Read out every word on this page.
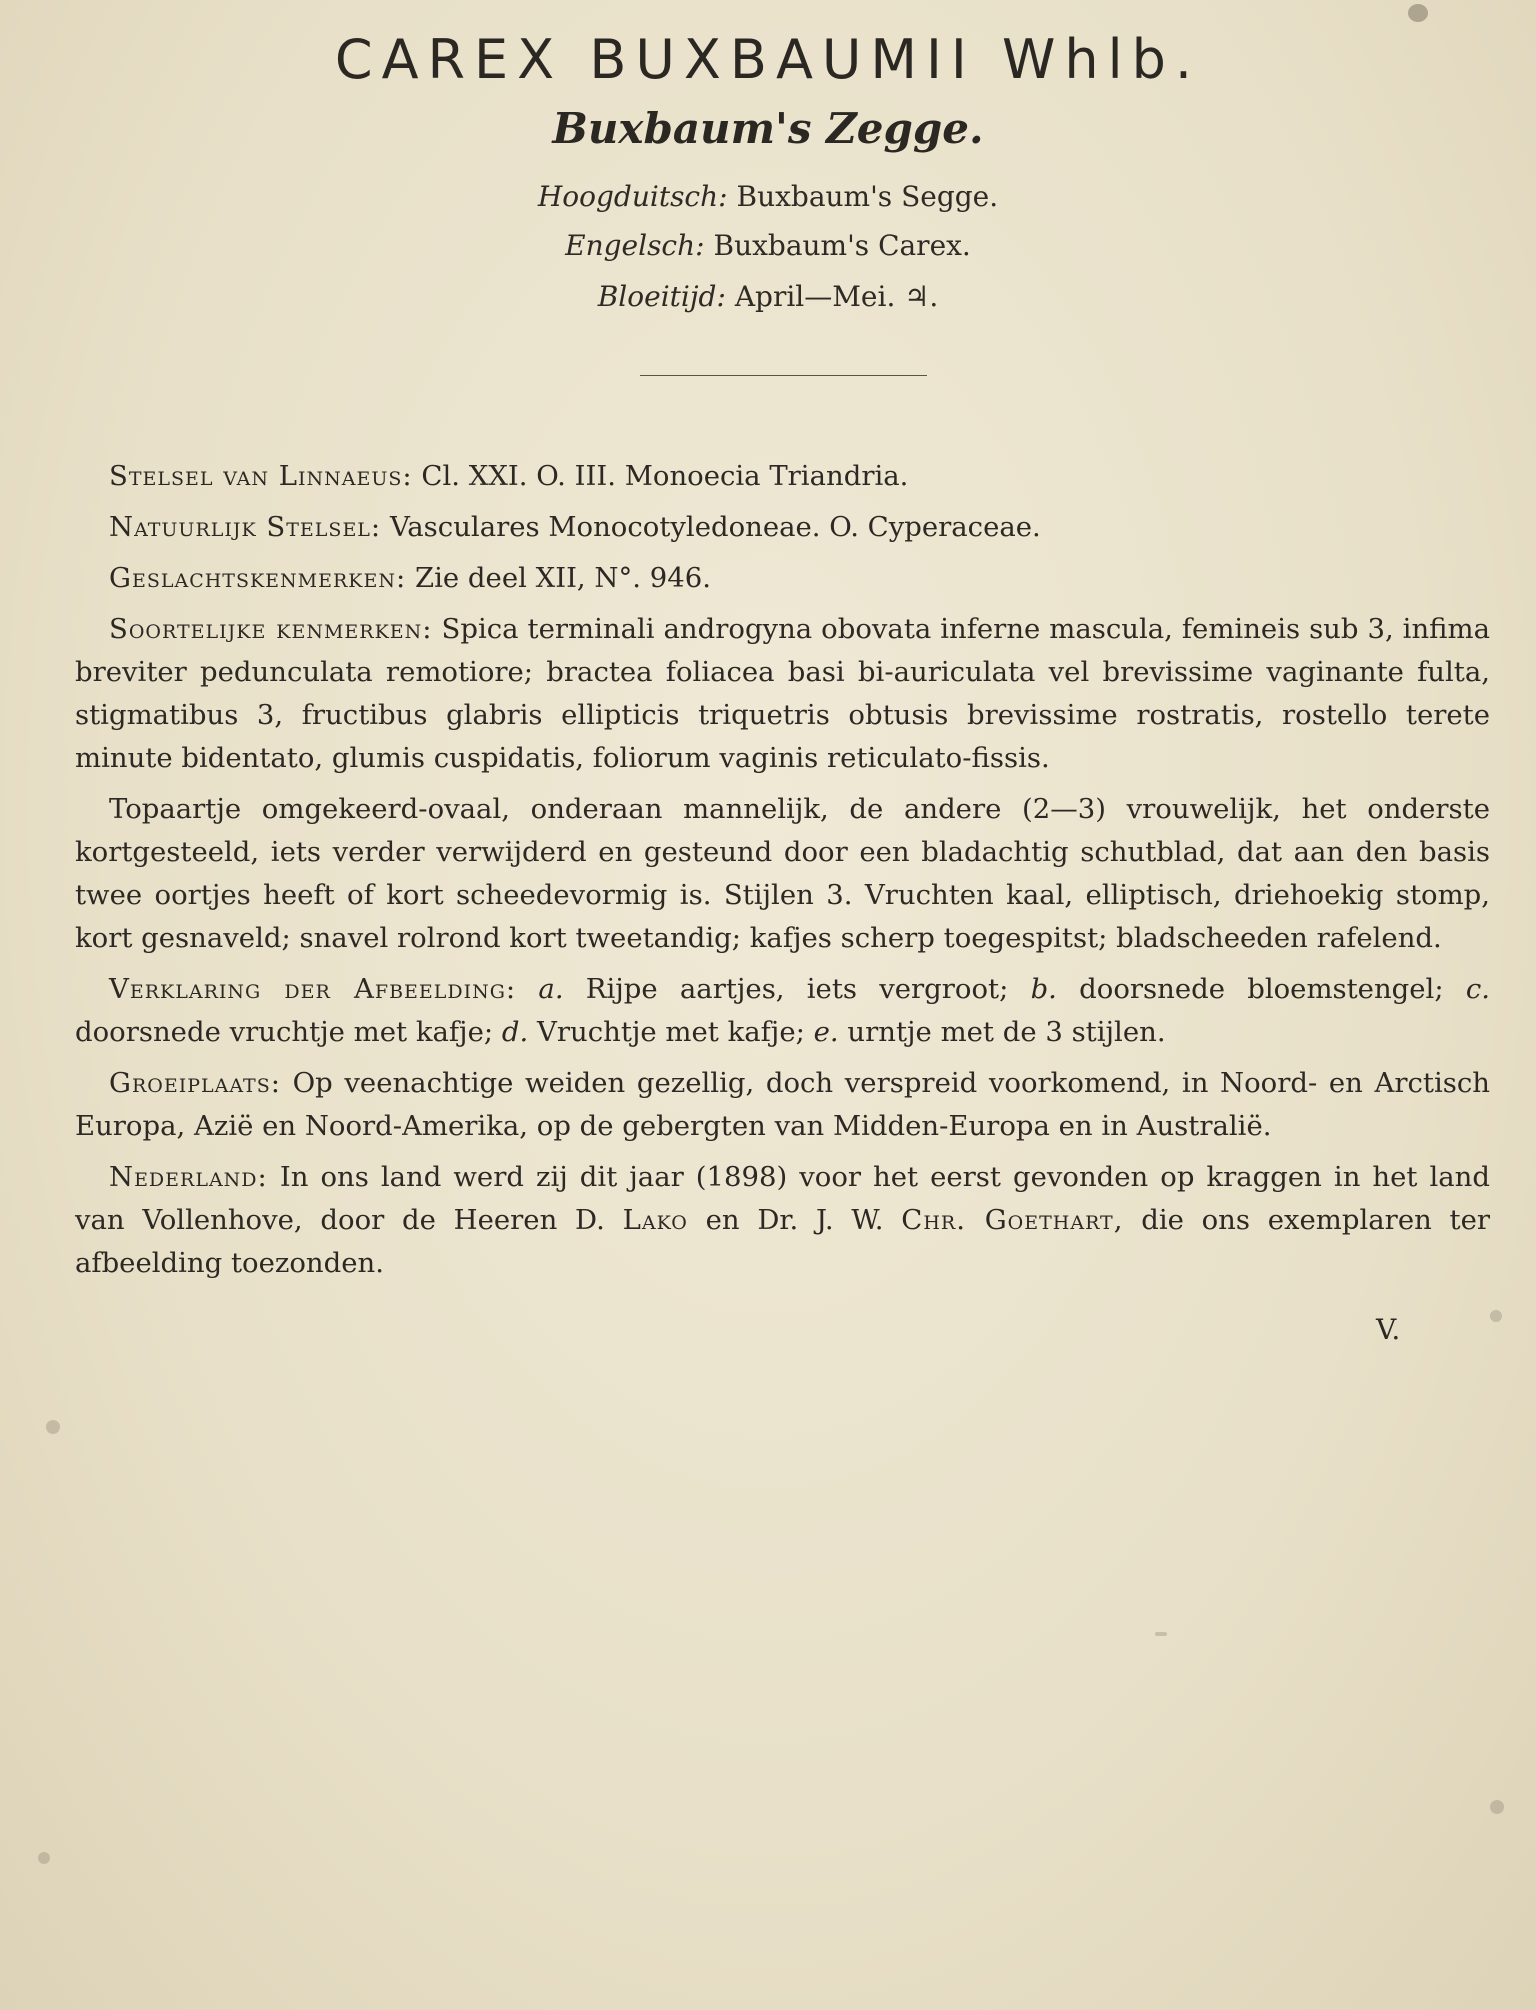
CAREX BUXBAUMII Whlb.
Buxbaum's Zegge.
Hoogduitsch: Buxbaum's Segge.
Engelsch: Buxbaum's Carex.
Bloeitijd: April—Mei. ♃.

Stelsel van Linnaeus: Cl. XXI. O. III. Monoecia Triandria.

Natuurlijk Stelsel: Vasculares Monocotyledoneae. O. Cyperaceae.

Geslachtskenmerken: Zie deel XII, N°. 946.

Soortelijke kenmerken: Spica terminali androgyna obovata inferne mascula, femineis sub 3, infima breviter pedunculata remotiore; bractea foliacea basi bi-auriculata vel brevissime vaginante fulta, stigmatibus 3, fructibus glabris ellipticis triquetris obtusis brevissime rostratis, rostello terete minute bidentato, glumis cuspidatis, foliorum vaginis reticulato-fissis.

Topaartje omgekeerd-ovaal, onderaan mannelijk, de andere (2—3) vrouwelijk, het onderste kortgesteeld, iets verder verwijderd en gesteund door een bladachtig schutblad, dat aan den basis twee oortjes heeft of kort scheedevormig is. Stijlen 3. Vruchten kaal, elliptisch, driehoekig stomp, kort gesnaveld; snavel rolrond kort tweetandig; kafjes scherp toegespitst; bladscheeden rafelend.

Verklaring der Afbeelding: a. Rijpe aartjes, iets vergroot; b. doorsnede bloemstengel; c. doorsnede vruchtje met kafje; d. Vruchtje met kafje; e. urntje met de 3 stijlen.

Groeiplaats: Op veenachtige weiden gezellig, doch verspreid voorkomend, in Noord- en Arctisch Europa, Azië en Noord-Amerika, op de gebergten van Midden-Europa en in Australië.

Nederland: In ons land werd zij dit jaar (1898) voor het eerst gevonden op kraggen in het land van Vollenhove, door de Heeren D. Lako en Dr. J. W. Chr. Goethart, die ons exemplaren ter afbeelding toezonden.

V.
